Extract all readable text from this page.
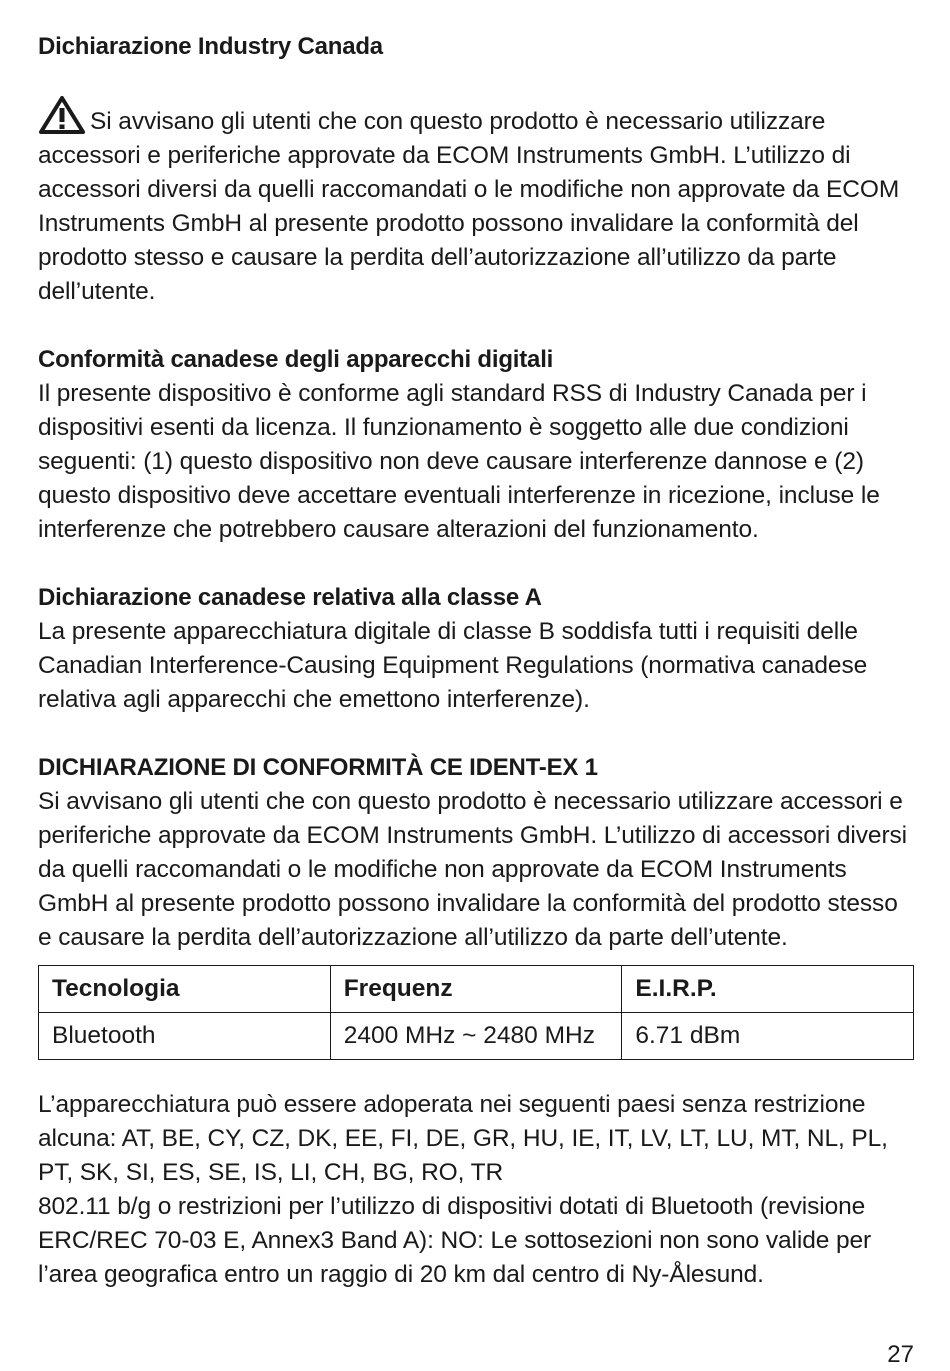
Dichiarazione Industry Canada

Si avvisano gli utenti che con questo prodotto è necessario utilizzare accessori e periferiche approvate da ECOM Instruments GmbH. L’utilizzo di accessori diversi da quelli raccomandati o le modifiche non approvate da ECOM Instruments GmbH al presente prodotto possono invalidare la conformità del prodotto stesso e causare la perdita dell’autorizzazione all’utilizzo da parte dell’utente.

Conformità canadese degli apparecchi digitali

Il presente dispositivo è conforme agli standard RSS di Industry Canada per i dispositivi esenti da licenza. Il funzionamento è soggetto alle due condizioni seguenti: (1) questo dispositivo non deve causare interferenze dannose e (2) questo dispositivo deve accettare eventuali interferenze in ricezione, incluse le interferenze che potrebbero causare alterazioni del funzionamento.

Dichiarazione canadese relativa alla classe A

La presente apparecchiatura digitale di classe B soddisfa tutti i requisiti delle Canadian Interference-Causing Equipment Regulations (normativa canadese relativa agli apparecchi che emettono interferenze).

DICHIARAZIONE DI CONFORMITÀ CE IDENT-EX 1

Si avvisano gli utenti che con questo prodotto è necessario utilizzare accessori e periferiche approvate da ECOM Instruments GmbH. L’utilizzo di accessori diversi da quelli raccomandati o le modifiche non approvate da ECOM Instruments GmbH al presente prodotto possono invalidare la conformità del prodotto stesso e causare la perdita dell’autorizzazione all’utilizzo da parte dell’utente.

Tecnologia	Frequenz	E.I.R.P.
Bluetooth	2400 MHz ~ 2480 MHz	6.71 dBm

L’apparecchiatura può essere adoperata nei seguenti paesi senza restrizione alcuna: AT, BE, CY, CZ, DK, EE, FI, DE, GR, HU, IE, IT, LV, LT, LU, MT, NL, PL, PT, SK, SI, ES, SE, IS, LI, CH, BG, RO, TR

802.11 b/g o restrizioni per l’utilizzo di dispositivi dotati di Bluetooth (revisione ERC/REC 70-03 E, Annex3 Band A): NO: Le sottosezioni non sono valide per l’area geografica entro un raggio di 20 km dal centro di Ny-Ålesund.

27
